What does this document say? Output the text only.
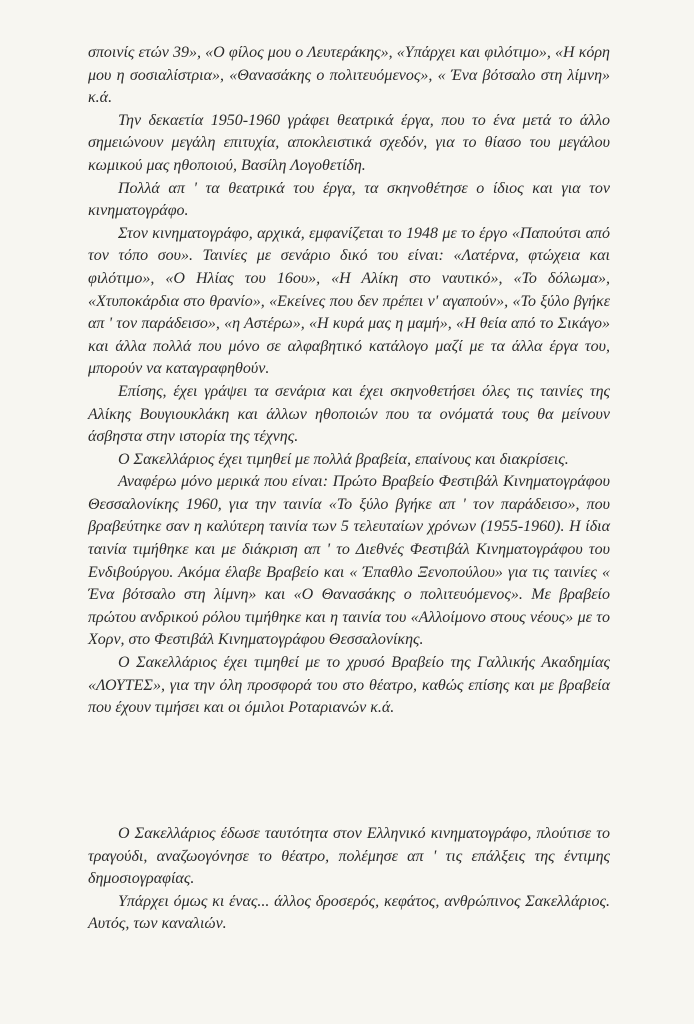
σποινίς ετών 39», «Ο φίλος μου ο Λευτεράκης», «Υπάρχει και φιλότιμο», «Η κόρη μου η σοσιαλίστρια», «Θανασάκης ο πολιτευόμενος», « Ένα βότσαλο στη λίμνη» κ.ά.

Την δεκαετία 1950-1960 γράφει θεατρικά έργα, που το ένα μετά το άλλο σημειώνουν μεγάλη επιτυχία, αποκλειστικά σχεδόν, για το θίασο του μεγάλου κωμικού μας ηθοποιού, Βασίλη Λογοθετίδη.

Πολλά απ ' τα θεατρικά του έργα, τα σκηνοθέτησε ο ίδιος και για τον κινηματογράφο.

Στον κινηματογράφο, αρχικά, εμφανίζεται το 1948 με το έργο «Παπούτσι από τον τόπο σου». Ταινίες με σενάριο δικό του είναι: «Λατέρνα, φτώχεια και φιλότιμο», «Ο Ηλίας του 16ου», «Η Αλίκη στο ναυτικό», «Το δόλωμα», «Χτυποκάρδια στο θρανίο», «Εκείνες που δεν πρέπει ν' αγαπούν», «Το ξύλο βγήκε απ ' τον παράδεισο», «η Αστέρω», «Η κυρά μας η μαμή», «Η θεία από το Σικάγο» και άλλα πολλά που μόνο σε αλφαβητικό κατάλογο μαζί με τα άλλα έργα του, μπορούν να καταγραφηθούν.

Επίσης, έχει γράψει τα σενάρια και έχει σκηνοθετήσει όλες τις ταινίες της Αλίκης Βουγιουκλάκη και άλλων ηθοποιών που τα ονόματά τους θα μείνουν άσβηστα στην ιστορία της τέχνης.

Ο Σακελλάριος έχει τιμηθεί με πολλά βραβεία, επαίνους και διακρίσεις.

Αναφέρω μόνο μερικά που είναι: Πρώτο Βραβείο Φεστιβάλ Κινηματογράφου Θεσσαλονίκης 1960, για την ταινία «Το ξύλο βγήκε απ ' τον παράδεισο», που βραβεύτηκε σαν η καλύτερη ταινία των 5 τελευταίων χρόνων (1955-1960). Η ίδια ταινία τιμήθηκε και με διάκριση απ ' το Διεθνές Φεστιβάλ Κινηματογράφου του Ενδιβούργου. Ακόμα έλαβε Βραβείο και « Έπαθλο Ξενοπούλου» για τις ταινίες « Ένα βότσαλο στη λίμνη» και «Ο Θανασάκης ο πολιτευόμενος». Με βραβείο πρώτου ανδρικού ρόλου τιμήθηκε και η ταινία του «Αλλοίμονο στους νέους» με το Χορν, στο Φεστιβάλ Κινηματογράφου Θεσσαλονίκης.

Ο Σακελλάριος έχει τιμηθεί με το χρυσό Βραβείο της Γαλλικής Ακαδημίας «ΛΟΥΤΕΣ», για την όλη προσφορά του στο θέατρο, καθώς επίσης και με βραβεία που έχουν τιμήσει και οι όμιλοι Ροταριανών κ.ά.

Ο Σακελλάριος έδωσε ταυτότητα στον Ελληνικό κινηματογράφο, πλούτισε το τραγούδι, αναζωογόνησε το θέατρο, πολέμησε απ ' τις επάλξεις της έντιμης δημοσιογραφίας.

Υπάρχει όμως κι ένας... άλλος δροσερός, κεφάτος, ανθρώπινος Σακελλάριος. Αυτός, των καναλιών.
